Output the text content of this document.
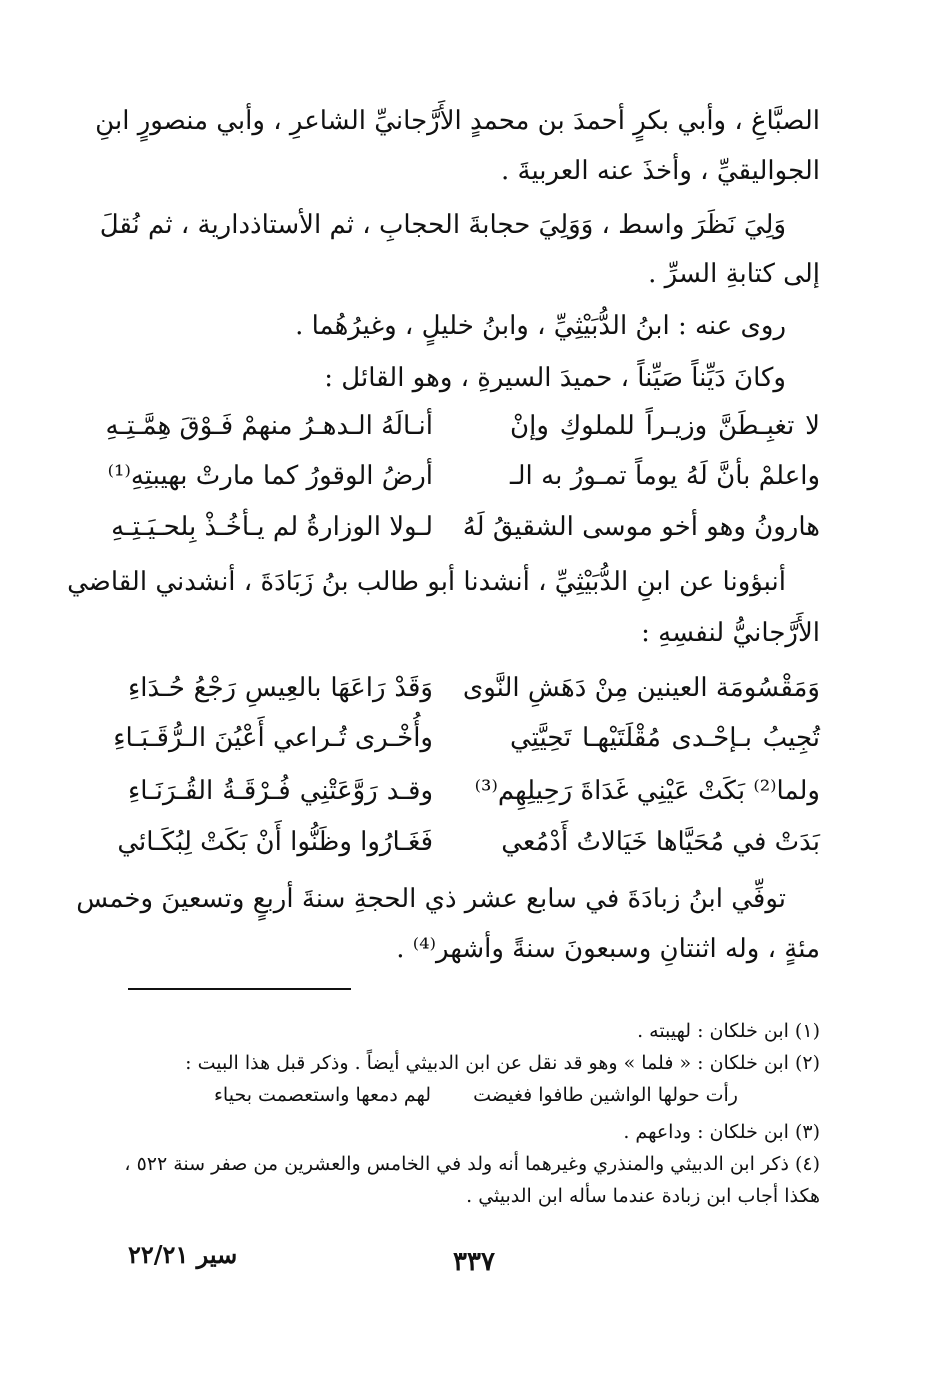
الصبَّاغِ ، وأبي بكرٍ أحمدَ بن محمدٍ الأَرَّجانيِّ الشاعرِ ، وأبي منصورٍ ابنِ
الجواليقيِّ ، وأخذَ عنه العربيةَ .
وَلِيَ نَظَرَ واسط ، وَوَلِيَ حجابةَ الحجابِ ، ثم الأستاذدارية ، ثم نُقلَ
إلى كتابةِ السرِّ .
روى عنه : ابنُ الدُّبَيْثِيِّ ، وابنُ خليلٍ ، وغيرُهُما .
وكانَ دَيِّناً صَيِّناً ، حميدَ السيرةِ ، وهو القائل :
لا تغبِـطَنَّ وزيـراً للملوكِ وإنْ
أنـالَهُ الـدهـرُ منهمْ فَـوْقَ هِمَّـتِـهِ
واعلمْ بأنَّ لَهُ يوماً تمـورُ به الـ
أرضُ الوقورُ كما مارتْ بهيبتِهِ⁽¹⁾
هارونُ وهو أخو موسى الشقيقُ لَهُ
لـولا الوزارةُ لم يـأخُـذْ بِلحـيَـتِـهِ
أنبؤونا عن ابنِ الدُّبَيْثِيِّ ، أنشدنا أبو طالب بنُ زَبَادَةَ ، أنشدني القاضي
الأَرَّجانيُّ لنفسِهِ :
وَمَقْسُومَة العينين مِنْ دَهَشِ النَّوى
وَقَدْ رَاعَهَا بالعِيسِ رَجْعُ حُـدَاءِ
تُجِيبُ بـإحْـدى مُقْلَتَيْهـا تَحِيَّتِي
وأُخْـرى تُـراعي أَعْيُنَ الـرُّقَـبَـاءِ
ولما⁽²⁾ بَكَتْ عَيْنِي غَدَاةَ رَحِيلِهِم⁽³⁾
وقـد رَوَّعَتْنِي فُـرْقَـةُ القُـرَنَـاءِ
بَدَتْ في مُحَيَّاها خَيَالاتُ أَدْمُعي
فَغَـارُوا وظَنُّوا أَنْ بَكَتْ لِبُكَـائي
توفِّي ابنُ زبادَةَ في سابع عشر ذي الحجةِ سنةَ أربعٍ وتسعينَ وخمس
مئةٍ ، وله اثنتانِ وسبعونَ سنةً وأشهر⁽⁴⁾ .
(١) ابن خلكان : لهيبته .
(٢) ابن خلكان : « فلما » وهو قد نقل عن ابن الدبيثي أيضاً . وذكر قبل هذا البيت :
رأت حولها الواشين طافوا فغيضت لهم دمعها واستعصمت بحياء
(٣) ابن خلكان : وداعهم .
(٤) ذكر ابن الدبيثي والمنذري وغيرهما أنه ولد في الخامس والعشرين من صفر سنة ٥٢٢ ،
هكذا أجاب ابن زبادة عندما سأله ابن الدبيثي .
٣٣٧
سير ٢٢/٢١
